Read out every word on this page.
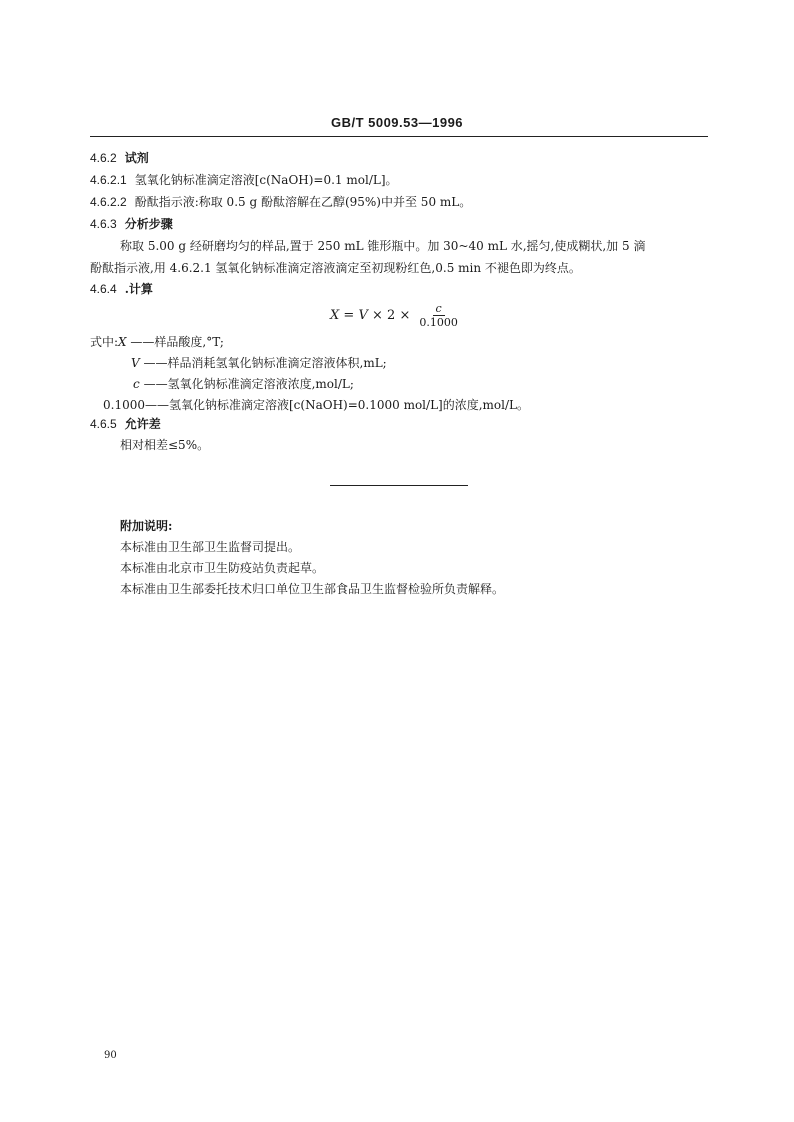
GB/T 5009.53—1996
4.6.2 试剂
4.6.2.1 氢氧化钠标准滴定溶液[c(NaOH)=0.1 mol/L]。
4.6.2.2 酚酞指示液:称取 0.5 g 酚酞溶解在乙醇(95%)中并至 50 mL。
4.6.3 分析步骤
称取 5.00 g 经研磨均匀的样品,置于 250 mL 锥形瓶中。加 30~40 mL 水,摇匀,使成糊状,加 5 滴
酚酞指示液,用 4.6.2.1 氢氧化钠标准滴定溶液滴定至初现粉红色,0.5 min 不褪色即为终点。
4.6.4 .计算
X
=
V
×
2
× $\frac{c}{0.1000}$
式中:X ——样品酸度,°T;
V ——样品消耗氢氧化钠标准滴定溶液体积,mL;
c ——氢氧化钠标准滴定溶液浓度,mol/L;
0.1000——氢氧化钠标准滴定溶液[c(NaOH)=0.1000 mol/L]的浓度,mol/L。
4.6.5 允许差
相对相差≤5%。
附加说明:
本标准由卫生部卫生监督司提出。
本标准由北京市卫生防疫站负责起草。
本标准由卫生部委托技术归口单位卫生部食品卫生监督检验所负责解释。
90
